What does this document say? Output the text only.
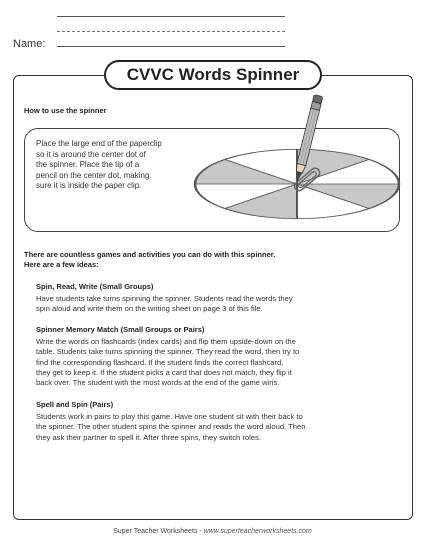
Name:
CVVC Words Spinner
How to use the spinner
Place the large end of the paperclip
so it is around the center dot of
the spinner. Place the tip of a
pencil on the center dot, making
sure it is inside the paper clip.
There are countless games and activities you can do with this spinner.
Here are a few ideas:
Spin, Read, Write (Small Groups)
Have students take turns spinning the spinner. Students read the words they
spin aloud and write them on the writing sheet on page 3 of this file.
Spinner Memory Match (Small Groups or Pairs)
Write the words on flashcards (index cards) and flip them upside-down on the
table. Students take turns spinning the spinner. They read the word, then try to
find the corresponding flashcard. If the student finds the correct flashcard,
they get to keep it. If the student picks a card that does not match, they flip it
back over. The student with the most words at the end of the game wins.
Spell and Spin (Pairs)
Students work in pairs to play this game. Have one student sit with their back to
the spinner. The other student spins the spinner and reads the word aloud. Then
they ask their partner to spell it. After three spins, they switch roles.
Super Teacher Worksheets - www.superteacherworksheets.com
